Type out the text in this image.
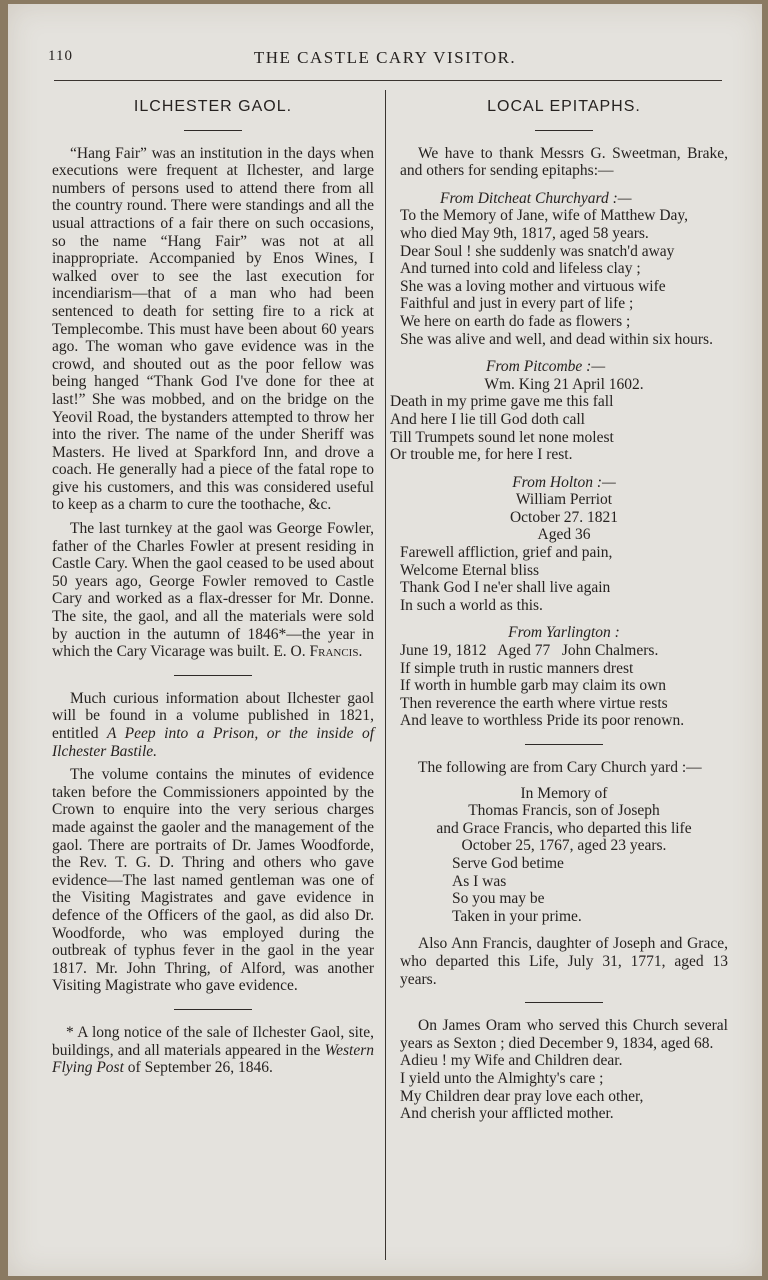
110	THE CASTLE CARY VISITOR.
ILCHESTER GAOL.

“Hang Fair” was an institution in the days when executions were frequent at Ilchester, and large numbers of persons used to attend there from all the country round. There were standings and all the usual attractions of a fair there on such occasions, so the name “Hang Fair” was not at all inappropriate. Accompanied by Enos Wines, I walked over to see the last execution for incendiarism—that of a man who had been sentenced to death for setting fire to a rick at Templecombe. This must have been about 60 years ago. The woman who gave evidence was in the crowd, and shouted out as the poor fellow was being hanged “Thank God I've done for thee at last!” She was mobbed, and on the bridge on the Yeovil Road, the bystanders attempted to throw her into the river. The name of the under Sheriff was Masters. He lived at Sparkford Inn, and drove a coach. He generally had a piece of the fatal rope to give his customers, and this was considered useful to keep as a charm to cure the toothache, &c.

The last turnkey at the gaol was George Fowler, father of the Charles Fowler at present residing in Castle Cary. When the gaol ceased to be used about 50 years ago, George Fowler removed to Castle Cary and worked as a flax-dresser for Mr. Donne. The site, the gaol, and all the materials were sold by auction in the autumn of 1846*—the year in which the Cary Vicarage was built. E. O. Francis.

Much curious information about Ilchester gaol will be found in a volume published in 1821, entitled A Peep into a Prison, or the inside of Ilchester Bastile.

The volume contains the minutes of evidence taken before the Commissioners appointed by the Crown to enquire into the very serious charges made against the gaoler and the management of the gaol. There are portraits of Dr. James Woodforde, the Rev. T. G. D. Thring and others who gave evidence—The last named gentleman was one of the Visiting Magistrates and gave evidence in defence of the Officers of the gaol, as did also Dr. Woodforde, who was employed during the outbreak of typhus fever in the gaol in the year 1817. Mr. John Thring, of Alford, was another Visiting Magistrate who gave evidence.

* A long notice of the sale of Ilchester Gaol, site, buildings, and all materials appeared in the Western Flying Post of September 26, 1846.

LOCAL EPITAPHS.

We have to thank Messrs G. Sweetman, Brake, and others for sending epitaphs:—

From Ditcheat Churchyard :—

To the Memory of Jane, wife of Matthew Day,

who died May 9th, 1817, aged 58 years.

Dear Soul ! she suddenly was snatch'd away

And turned into cold and lifeless clay ;

She was a loving mother and virtuous wife

Faithful and just in every part of life ;

We here on earth do fade as flowers ;

She was alive and well, and dead within six hours.

From Pitcombe :—

Wm. King 21 April 1602.

Death in my prime gave me this fall

And here I lie till God doth call

Till Trumpets sound let none molest

Or trouble me, for here I rest.

From Holton :—

William Perriot

October 27. 1821

Aged 36

Farewell affliction, grief and pain,

Welcome Eternal bliss

Thank God I ne'er shall live again

In such a world as this.

From Yarlington :

June 19, 1812   Aged 77   John Chalmers.

If simple truth in rustic manners drest

If worth in humble garb may claim its own

Then reverence the earth where virtue rests

And leave to worthless Pride its poor renown.

The following are from Cary Church yard :—

In Memory of

Thomas Francis, son of Joseph

and Grace Francis, who departed this life

October 25, 1767, aged 23 years.

Serve God betime

As I was

So you may be

Taken in your prime.

Also Ann Francis, daughter of Joseph and Grace, who departed this Life, July 31, 1771, aged 13 years.

On James Oram who served this Church several years as Sexton ; died December 9, 1834, aged 68.

Adieu ! my Wife and Children dear.

I yield unto the Almighty's care ;

My Children dear pray love each other,

And cherish your afflicted mother.
